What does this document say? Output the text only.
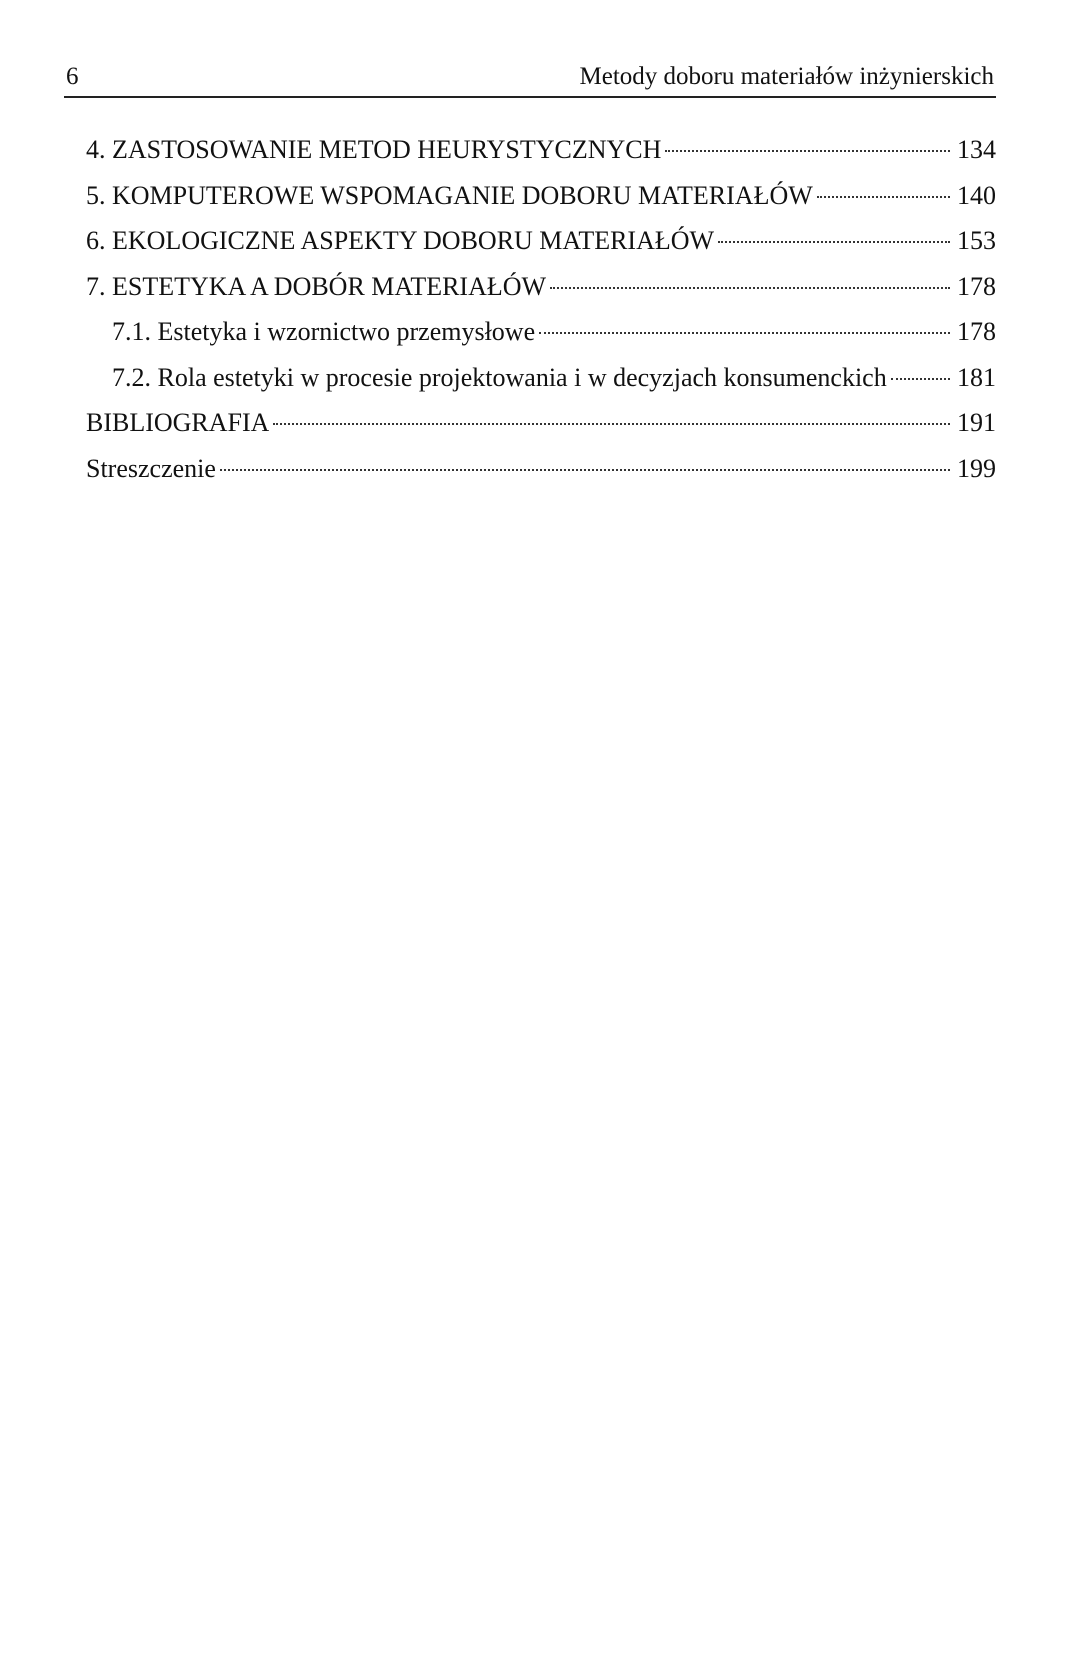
6	Metody doboru materiałów inżynierskich
4. ZASTOSOWANIE METOD HEURYSTYCZNYCH	134
5. KOMPUTEROWE WSPOMAGANIE DOBORU MATERIAŁÓW	140
6. EKOLOGICZNE ASPEKTY DOBORU MATERIAŁÓW	153
7. ESTETYKA A DOBÓR MATERIAŁÓW	178
7.1. Estetyka i wzornictwo przemysłowe	178
7.2. Rola estetyki w procesie projektowania i w decyzjach konsumenckich	181
BIBLIOGRAFIA	191
Streszczenie	199
